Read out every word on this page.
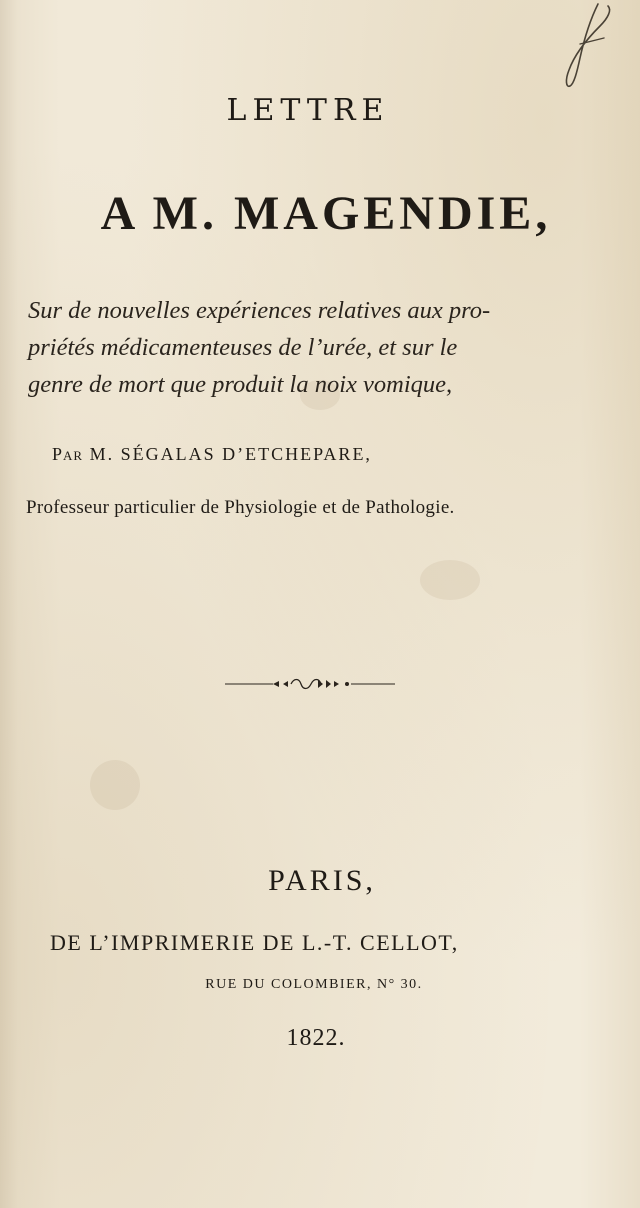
LETTRE
A M. MAGENDIE,
Sur de nouvelles expériences relatives aux pro-
priétés médicamenteuses de l’urée, et sur le
genre de mort que produit la noix vomique,
Par M. SÉGALAS D’ETCHEPARE,
Professeur particulier de Physiologie et de Pathologie.
PARIS,
DE L’IMPRIMERIE DE L.-T. CELLOT,
RUE DU COLOMBIER, N° 30.
1822.
